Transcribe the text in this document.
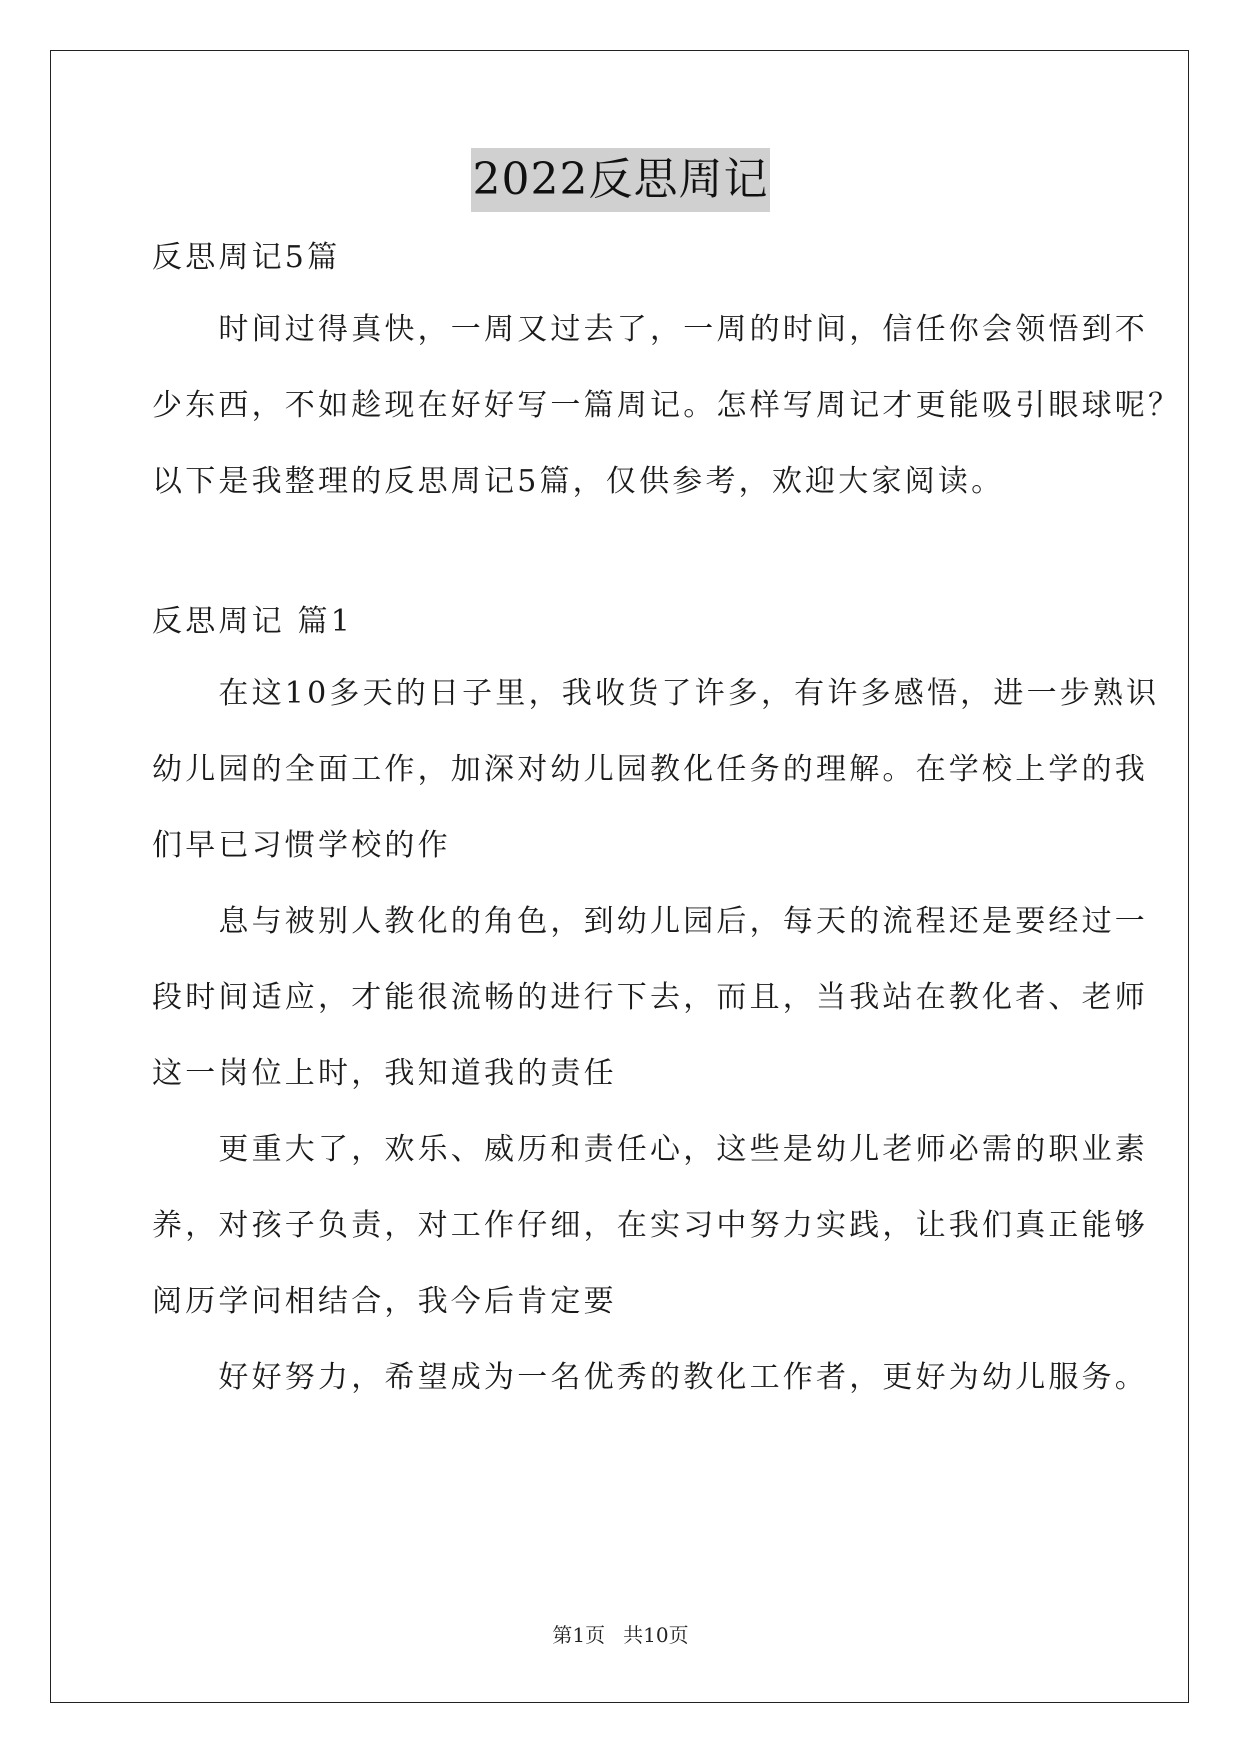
2022反思周记
反思周记5篇
　　时间过得真快，一周又过去了，一周的时间，信任你会领悟到不
少东西，不如趁现在好好写一篇周记。怎样写周记才更能吸引眼球呢？
以下是我整理的反思周记5篇，仅供参考，欢迎大家阅读。
反思周记 篇1
　　在这10多天的日子里，我收货了许多，有许多感悟，进一步熟识
幼儿园的全面工作，加深对幼儿园教化任务的理解。在学校上学的我
们早已习惯学校的作
　　息与被别人教化的角色，到幼儿园后，每天的流程还是要经过一
段时间适应，才能很流畅的进行下去，而且，当我站在教化者、老师
这一岗位上时，我知道我的责任
　　更重大了，欢乐、威历和责任心，这些是幼儿老师必需的职业素
养，对孩子负责，对工作仔细，在实习中努力实践，让我们真正能够
阅历学问相结合，我今后肯定要
　　好好努力，希望成为一名优秀的教化工作者，更好为幼儿服务。
第1页 共10页
